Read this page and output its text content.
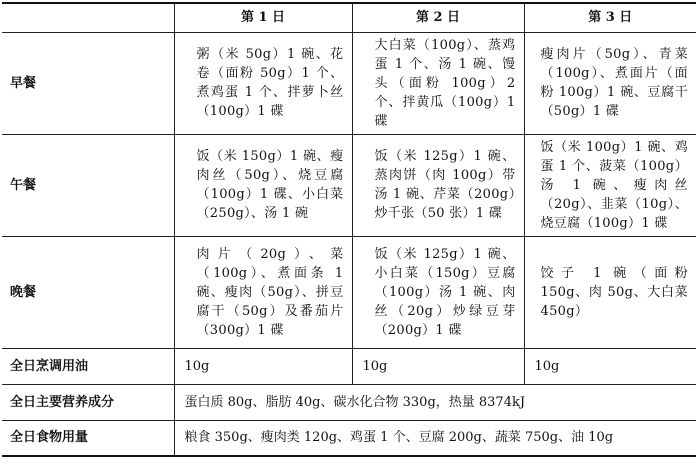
	第 1 日	第 2 日	第 3 日
早餐	粥（米 50g）1 碗、花卷（面粉 50g）1 个、煮鸡蛋 1 个、拌萝卜丝（100g）1 碟	大白菜（100g）、蒸鸡蛋 1 个、汤 1 碗、馒头（面粉 100g）2 个、拌黄瓜（100g）1 碟	瘦肉片（50g）、青菜（100g）、煮面片（面粉 100g）1 碗、豆腐干（50g）1 碟
午餐	饭（米 150g）1 碗、瘦肉丝（50g）、烧豆腐（100g）1 碟、小白菜（250g）、汤 1 碗	饭（米 125g）1 碗、蒸肉饼（肉 100g）带汤 1 碗、芹菜（200g）炒千张（50 张）1 碟	饭（米 100g）1 碗、鸡蛋 1 个、菠菜（100g）汤 1 碗、瘦肉丝（20g）、韭菜（10g）、烧豆腐（100g）1 碟
晚餐	肉片（20g）、菜（100g）、煮面条 1 碗、瘦肉（50g）、拼豆腐干（50g）及番茄片（300g）1 碟	饭（米 125g）1 碗、小白菜（150g）豆腐（100g）汤 1 碗、肉丝（20g）炒绿豆芽（200g）1 碟	饺子 1 碗（面粉 150g、肉 50g、大白菜 450g）
全日烹调用油	10g	10g	10g
全日主要营养成分	蛋白质 80g、脂肪 40g、碳水化合物 330g，热量 8374kJ		
全日食物用量	粮食 350g、瘦肉类 120g、鸡蛋 1 个、豆腐 200g、蔬菜 750g、油 10g		
